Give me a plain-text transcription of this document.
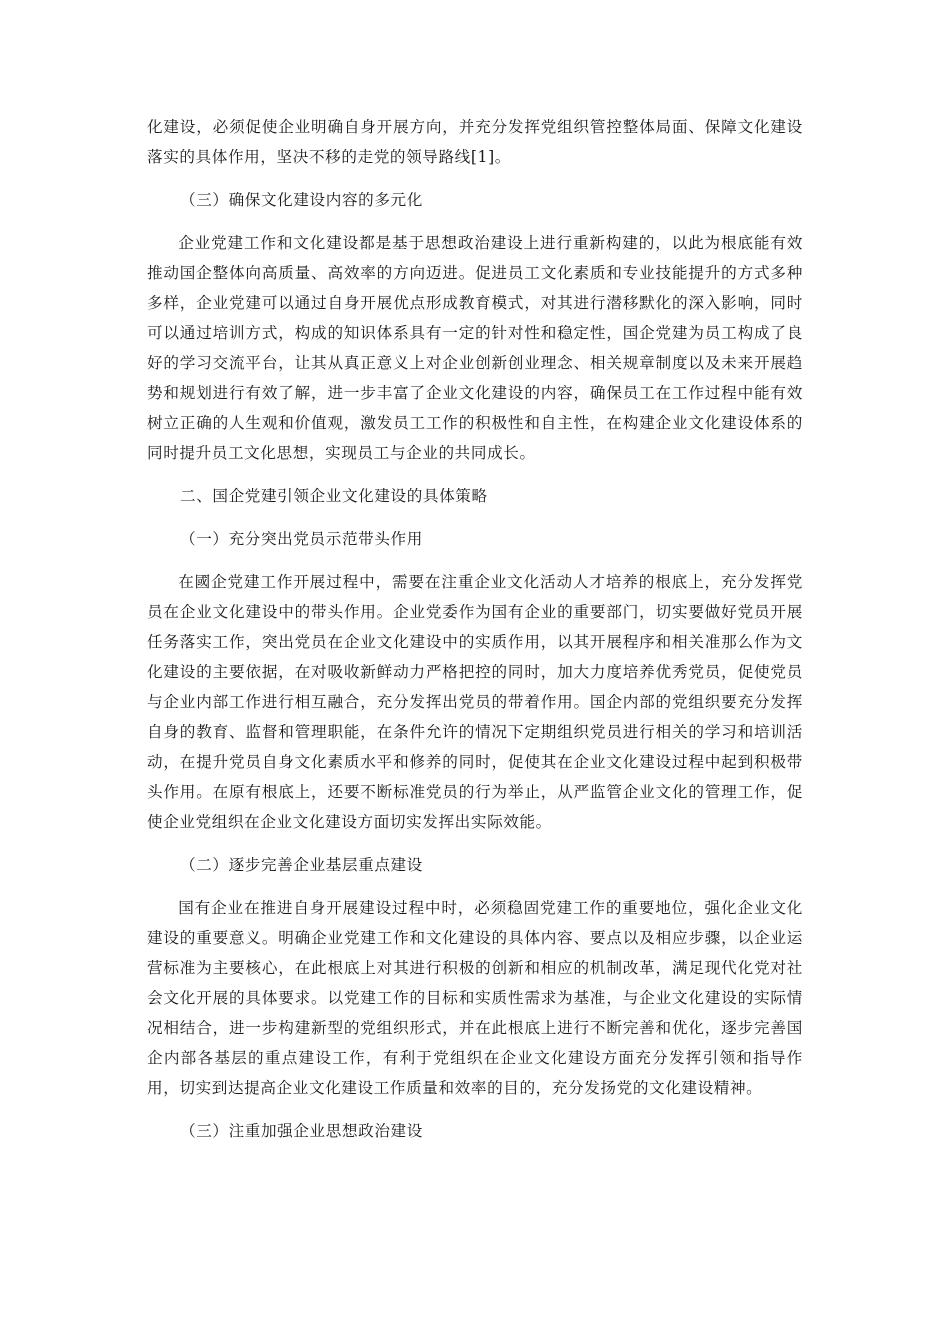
化建设，必须促使企业明确自身开展方向，并充分发挥党组织管控整体局面、保障文化建设落实的具体作用，坚决不移的走党的领导路线[1]。

（三）确保文化建设内容的多元化

企业党建工作和文化建设都是基于思想政治建设上进行重新构建的，以此为根底能有效推动国企整体向高质量、高效率的方向迈进。促进员工文化素质和专业技能提升的方式多种多样，企业党建可以通过自身开展优点形成教育模式，对其进行潜移默化的深入影响，同时可以通过培训方式，构成的知识体系具有一定的针对性和稳定性，国企党建为员工构成了良好的学习交流平台，让其从真正意义上对企业创新创业理念、相关规章制度以及未来开展趋势和规划进行有效了解，进一步丰富了企业文化建设的内容，确保员工在工作过程中能有效树立正确的人生观和价值观，激发员工工作的积极性和自主性，在构建企业文化建设体系的同时提升员工文化思想，实现员工与企业的共同成长。

二、国企党建引领企业文化建设的具体策略

（一）充分突出党员示范带头作用

在國企党建工作开展过程中，需要在注重企业文化活动人才培养的根底上，充分发挥党员在企业文化建设中的带头作用。企业党委作为国有企业的重要部门，切实要做好党员开展任务落实工作，突出党员在企业文化建设中的实质作用，以其开展程序和相关准那么作为文化建设的主要依据，在对吸收新鲜动力严格把控的同时，加大力度培养优秀党员，促使党员与企业内部工作进行相互融合，充分发挥出党员的带着作用。国企内部的党组织要充分发挥自身的教育、监督和管理职能，在条件允许的情况下定期组织党员进行相关的学习和培训活动，在提升党员自身文化素质水平和修养的同时，促使其在企业文化建设过程中起到积极带头作用。在原有根底上，还要不断标准党员的行为举止，从严监管企业文化的管理工作，促使企业党组织在企业文化建设方面切实发挥出实际效能。

（二）逐步完善企业基层重点建设

国有企业在推进自身开展建设过程中时，必须稳固党建工作的重要地位，强化企业文化建设的重要意义。明确企业党建工作和文化建设的具体内容、要点以及相应步骤，以企业运营标准为主要核心，在此根底上对其进行积极的创新和相应的机制改革，满足现代化党对社会文化开展的具体要求。以党建工作的目标和实质性需求为基准，与企业文化建设的实际情况相结合，进一步构建新型的党组织形式，并在此根底上进行不断完善和优化，逐步完善国企内部各基层的重点建设工作，有利于党组织在企业文化建设方面充分发挥引领和指导作用，切实到达提高企业文化建设工作质量和效率的目的，充分发扬党的文化建设精神。

（三）注重加强企业思想政治建设
